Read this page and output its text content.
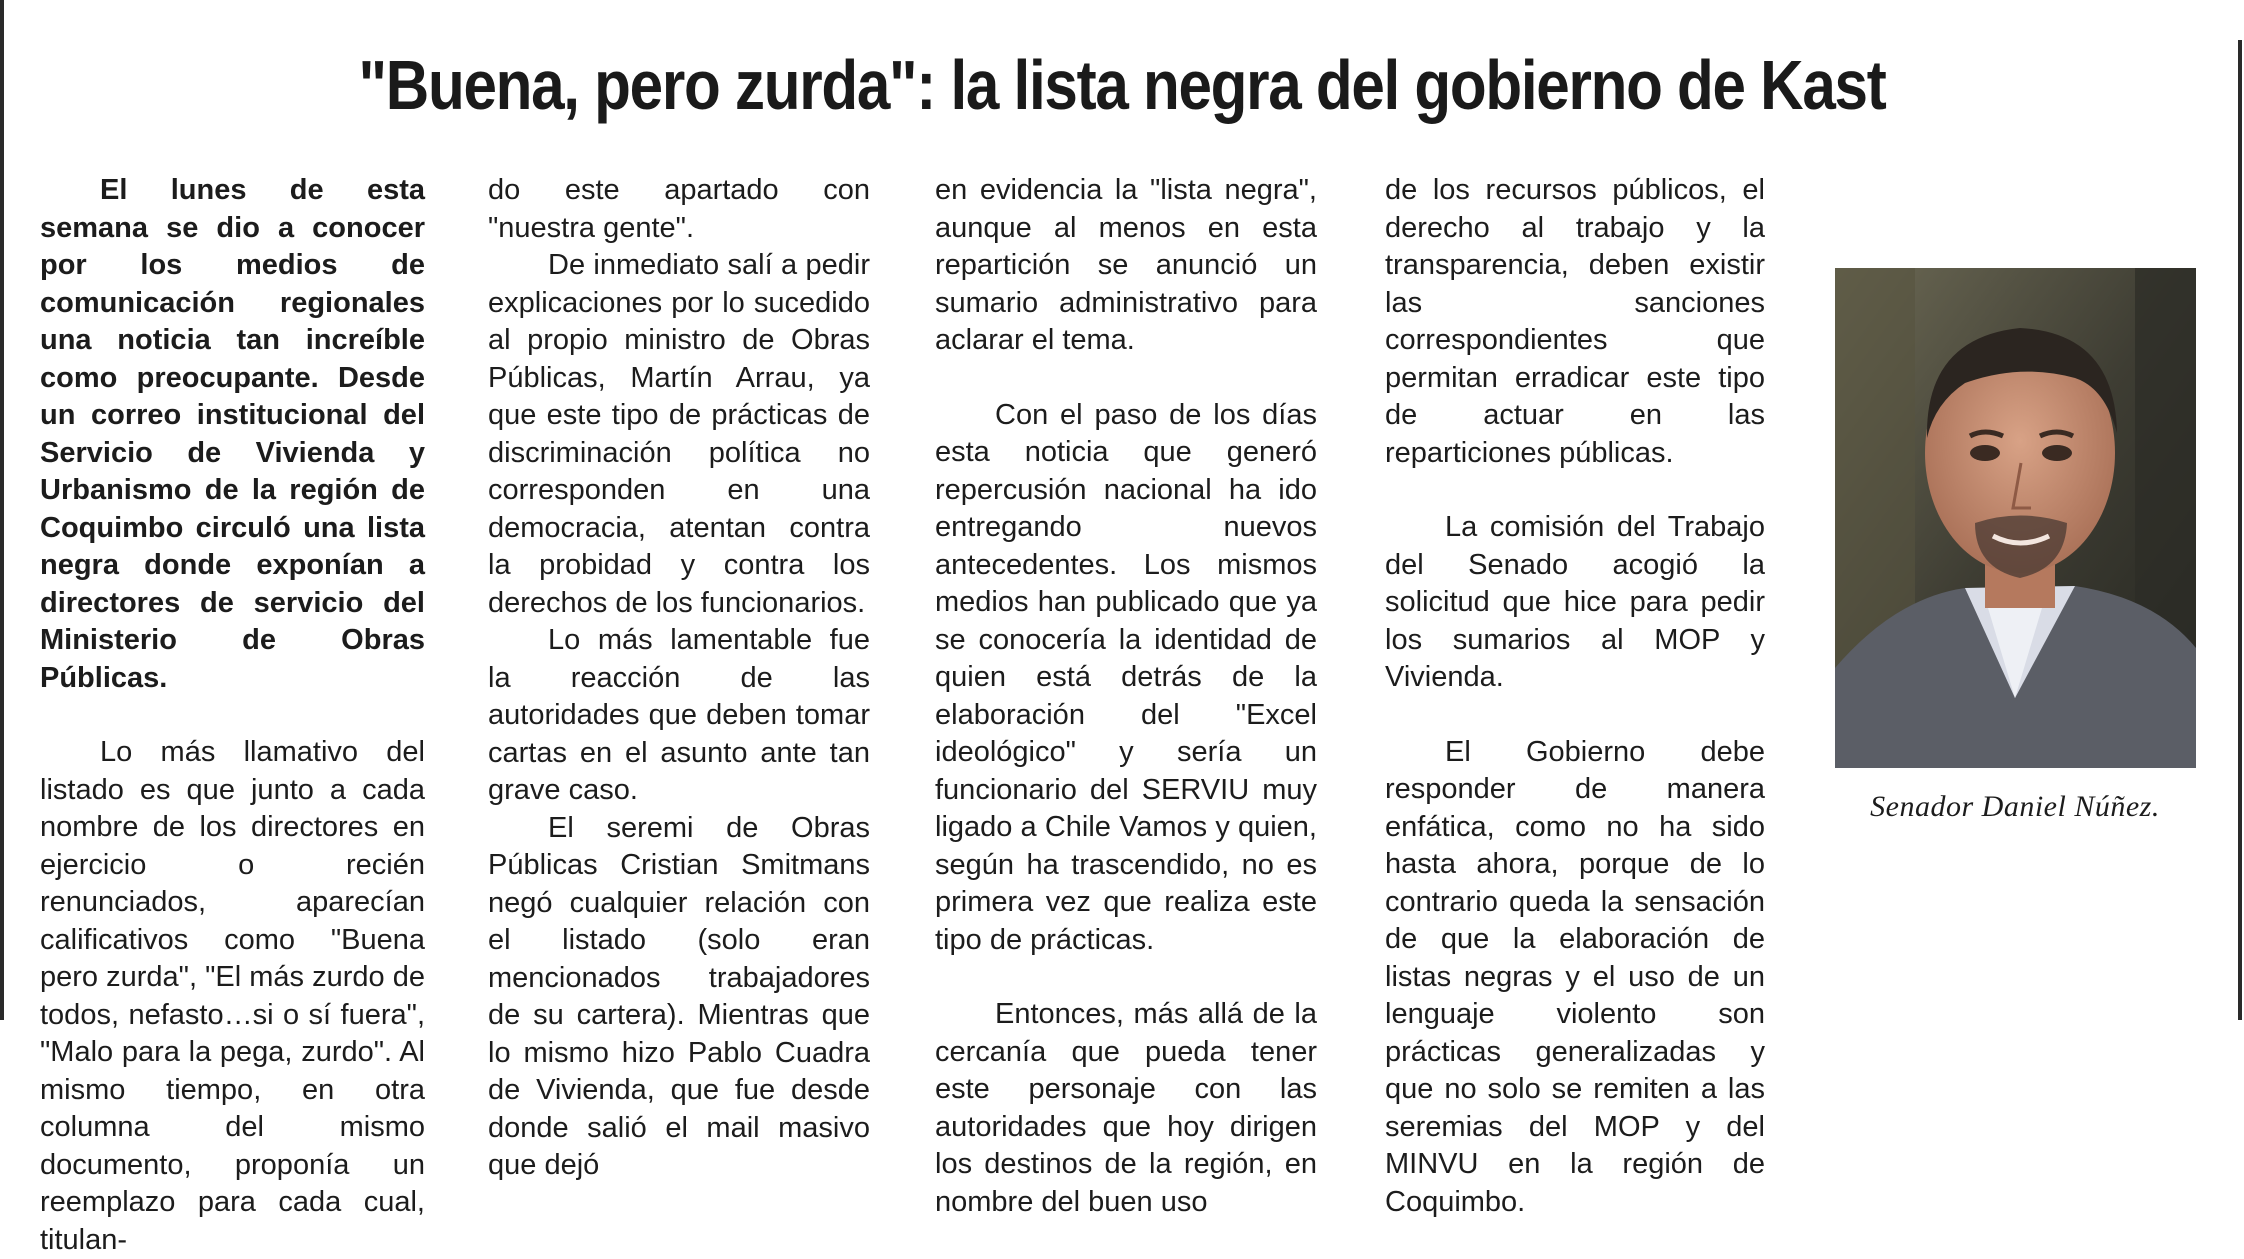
"Buena, pero zurda": la lista negra del gobierno de Kast

El lunes de esta semana se dio a conocer por los medios de comunicación regionales una noticia tan increíble como preocupante. Desde un correo institucional del Servicio de Vivienda y Urbanismo de la región de Coquimbo circuló una lista negra donde exponían a directores de servicio del Ministerio de Obras Públicas.

Lo más llamativo del listado es que junto a cada nombre de los directores en ejercicio o recién renunciados, aparecían calificativos como "Buena pero zurda", "El más zurdo de todos, nefasto…si o sí fuera", "Malo para la pega, zurdo". Al mismo tiempo, en otra columna del mismo documento, proponía un reemplazo para cada cual, titulan-

do este apartado con "nuestra gente".

De inmediato salí a pedir explicaciones por lo sucedido al propio ministro de Obras Públicas, Martín Arrau, ya que este tipo de prácticas de discriminación política no corresponden en una democracia, atentan contra la probidad y contra los derechos de los funcionarios.

Lo más lamentable fue la reacción de las autoridades que deben tomar cartas en el asunto ante tan grave caso.

El seremi de Obras Públicas Cristian Smitmans negó cualquier relación con el listado (solo eran mencionados trabajadores de su cartera). Mientras que lo mismo hizo Pablo Cuadra de Vivienda, que fue desde donde salió el mail masivo que dejó

en evidencia la "lista negra", aunque al menos en esta repartición se anunció un sumario administrativo para aclarar el tema.

Con el paso de los días esta noticia que generó repercusión nacional ha ido entregando nuevos antecedentes. Los mismos medios han publicado que ya se conocería la identidad de quien está detrás de la elaboración del "Excel ideológico" y sería un funcionario del SERVIU muy ligado a Chile Vamos y quien, según ha trascendido, no es primera vez que realiza este tipo de prácticas.

Entonces, más allá de la cercanía que pueda tener este personaje con las autoridades que hoy dirigen los destinos de la región, en nombre del buen uso

de los recursos públicos, el derecho al trabajo y la transparencia, deben existir las sanciones correspondientes que permitan erradicar este tipo de actuar en las reparticiones públicas.

La comisión del Trabajo del Senado acogió la solicitud que hice para pedir los sumarios al MOP y Vivienda.

El Gobierno debe responder de manera enfática, como no ha sido hasta ahora, porque de lo contrario queda la sensación de que la elaboración de listas negras y el uso de un lenguaje violento son prácticas generalizadas y que no solo se remiten a las seremias del MOP y del MINVU en la región de Coquimbo.

Senador Daniel Núñez.
